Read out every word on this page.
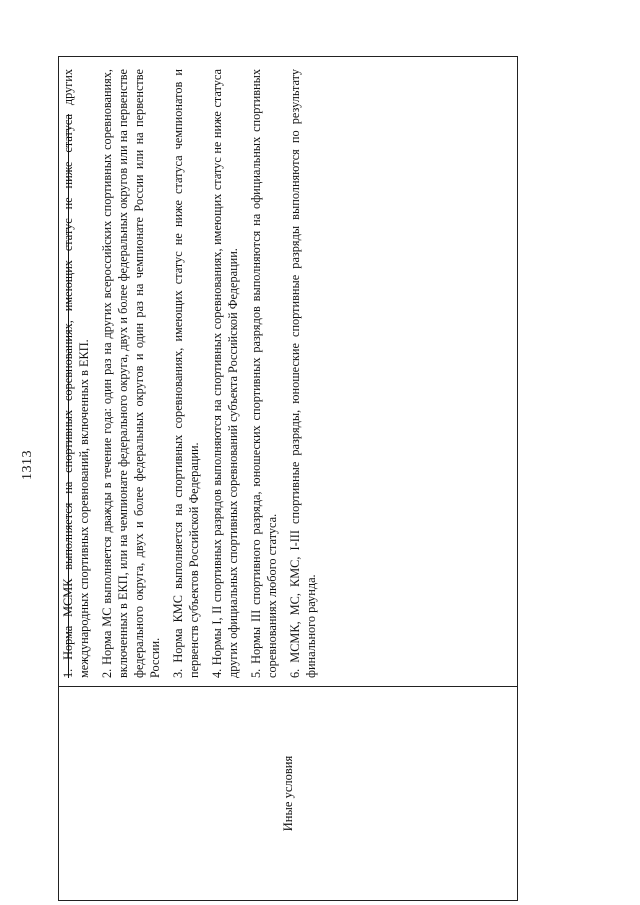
1313
Иные условия

1. Норма МСМК выполняется на спортивных соревнованиях, имеющих статус не ниже статуса других международных спортивных соревнований, включенных в ЕКП. 2. Норма МС выполняется дважды в течение года: один раз на других всероссийских спортивных соревнованиях, включенных в ЕКП, или на чемпионате федерального округа, двух и более федеральных округов или на первенстве федерального округа, двух и более федеральных округов и один раз на чемпионате России или на первенстве России. 3. Норма КМС выполняется на спортивных соревнованиях, имеющих статус не ниже статуса чемпионатов и первенств субъектов Российской Федерации. 4. Нормы I, II спортивных разрядов выполняются на спортивных соревнованиях, имеющих статус не ниже статуса других официальных спортивных соревнований субъекта Российской Федерации. 5. Нормы III спортивного разряда, юношеских спортивных разрядов выполняются на официальных спортивных соревнованиях любого статуса. 6. МСМК, МС, КМС, I-III спортивные разряды, юношеские спортивные разряды выполняются по результату финального раунда.
